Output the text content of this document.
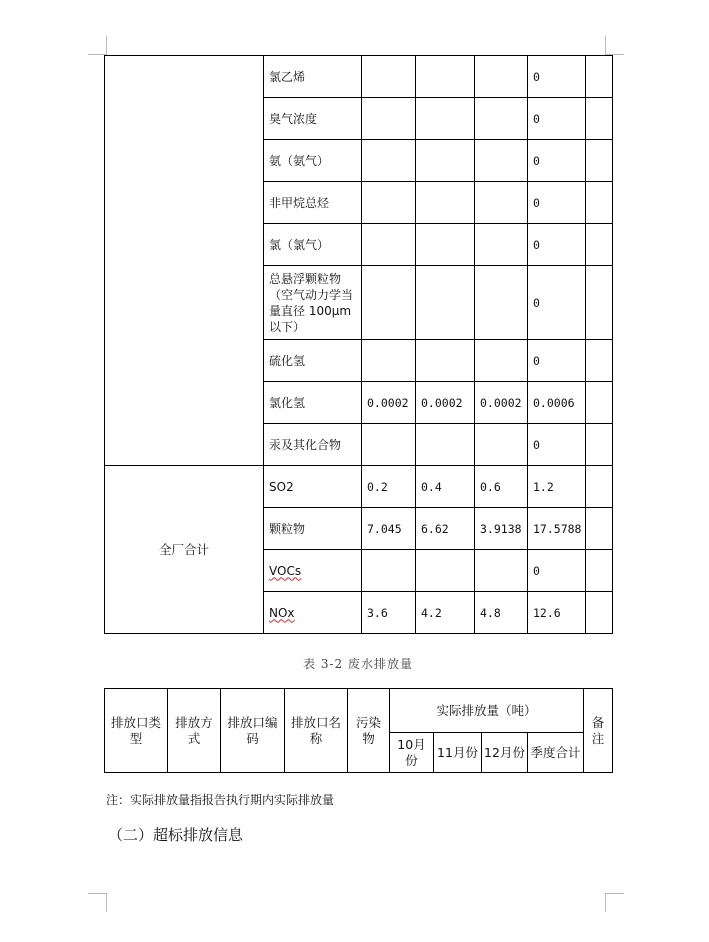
	氯乙烯				0	
	臭气浓度				0	
	氨（氨气）				0	
	非甲烷总烃				0	
	氯（氯气）				0	
	总悬浮颗粒物（空气动力学当量直径 100μm 以下）				0	
	硫化氢				0	
	氯化氢	0.0002	0.0002	0.0002	0.0006	
	汞及其化合物				0	
全厂合计	SO2	0.2	0.4	0.6	1.2	
	颗粒物	7.045	6.62	3.9138	17.5788	
	VOCs				0	
	NOx	3.6	4.2	4.8	12.6	
表 3-2 废水排放量
排放口类型	排放方式	排放口编码	排放口名称	污染物	实际排放量（吨）				备注
					10月份	11月份	12月份	季度合计	
注：实际排放量指报告执行期内实际排放量
（二）超标排放信息
